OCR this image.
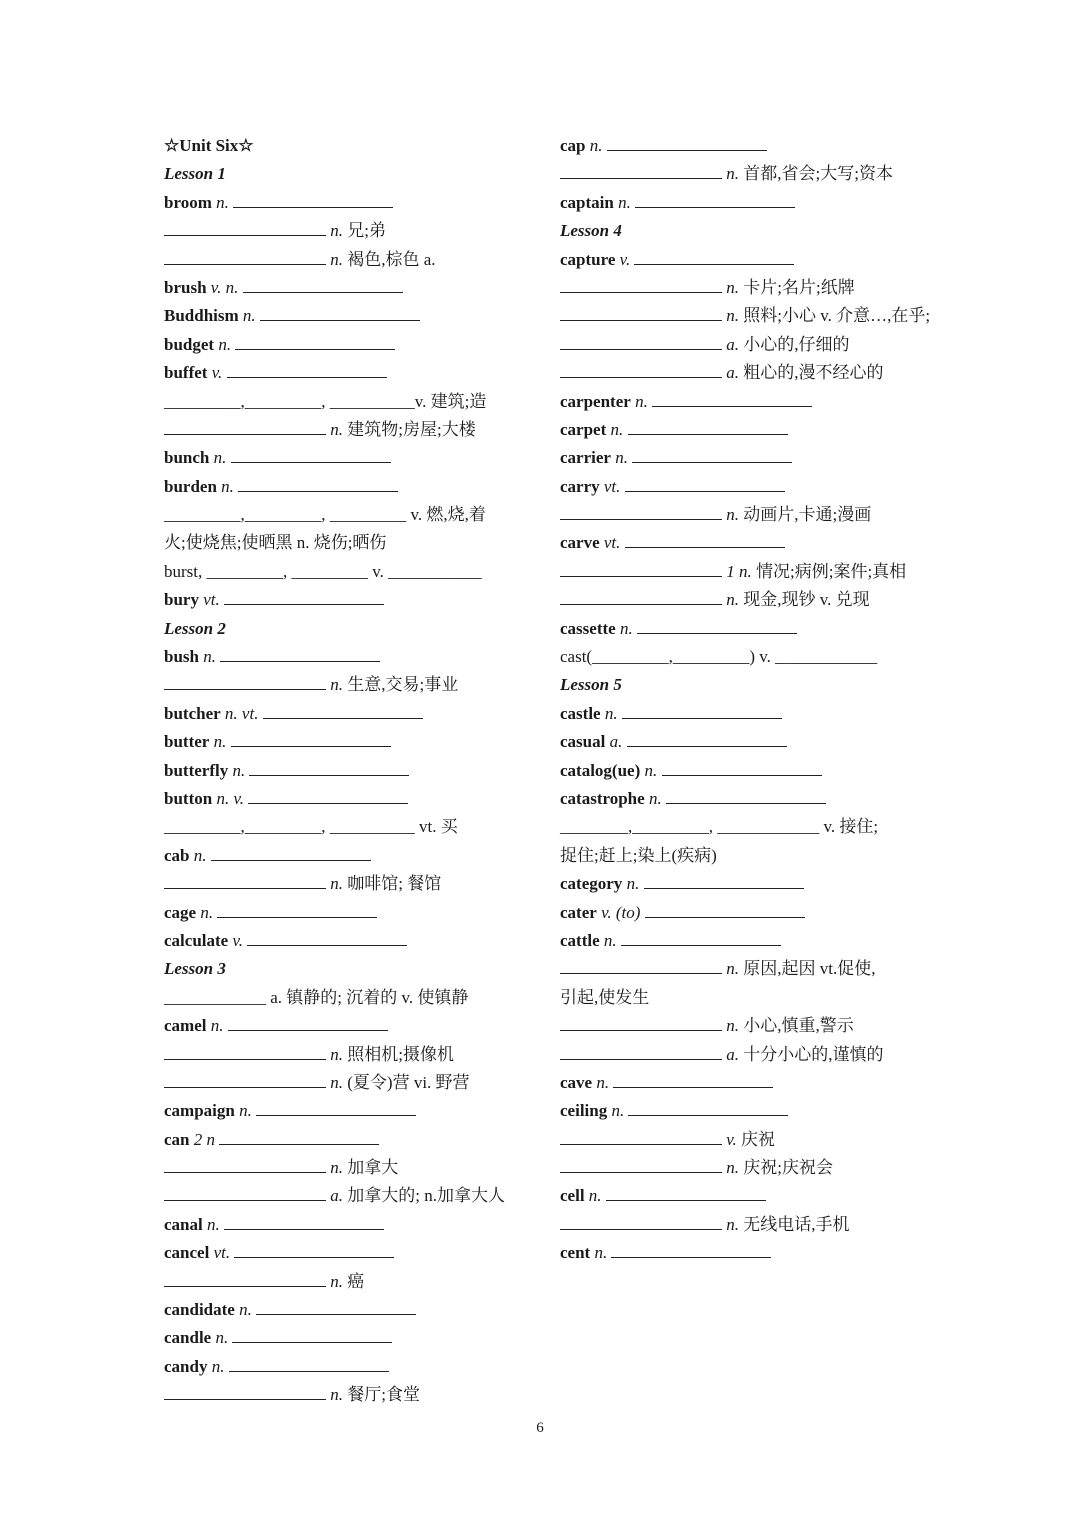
☆Unit Six☆
Lesson 1
broom n.
n. 兄;弟
n. 褐色,棕色 a.
brush v. n.
Buddhism n.
budget n.
buffet v.
_________,_________, __________v. 建筑;造
n. 建筑物;房屋;大楼
bunch n.
burden n.
_________,_________, _________ v. 燃,烧,着
火;使烧焦;使晒黑 n. 烧伤;晒伤
burst, _________, _________ v. ___________
bury vt.
Lesson 2
bush n.
n. 生意,交易;事业
butcher n. vt.
butter n.
butterfly n.
button n. v.
_________,_________, __________ vt. 买
cab n.
n. 咖啡馆; 餐馆
cage n.
calculate v.
Lesson 3
____________ a. 镇静的; 沉着的 v. 使镇静
camel n.
n. 照相机;摄像机
n. (夏令)营 vi. 野营
campaign n.
can 2 n
n. 加拿大
a. 加拿大的; n.加拿大人
canal n.
cancel vt.
n. 癌
candidate n.
candle n.
candy n.
n. 餐厅;食堂
cap n.
n. 首都,省会;大写;资本
captain n.
Lesson 4
capture v.
n. 卡片;名片;纸牌
n. 照料;小心 v. 介意…,在乎;
a. 小心的,仔细的
a. 粗心的,漫不经心的
carpenter n.
carpet n.
carrier n.
carry vt.
n. 动画片,卡通;漫画
carve vt.
1 n. 情况;病例;案件;真相
n. 现金,现钞 v. 兑现
cassette n.
cast(_________,_________) v. ____________
Lesson 5
castle n.
casual a.
catalog(ue) n.
catastrophe n.
________,_________, ____________ v. 接住;
捉住;赶上;染上(疾病)
category n.
cater v. (to)
cattle n.
n. 原因,起因 vt.促使,
引起,使发生
n. 小心,慎重,警示
a. 十分小心的,谨慎的
cave n.
ceiling n.
v. 庆祝
n. 庆祝;庆祝会
cell n.
n. 无线电话,手机
cent n.
6
